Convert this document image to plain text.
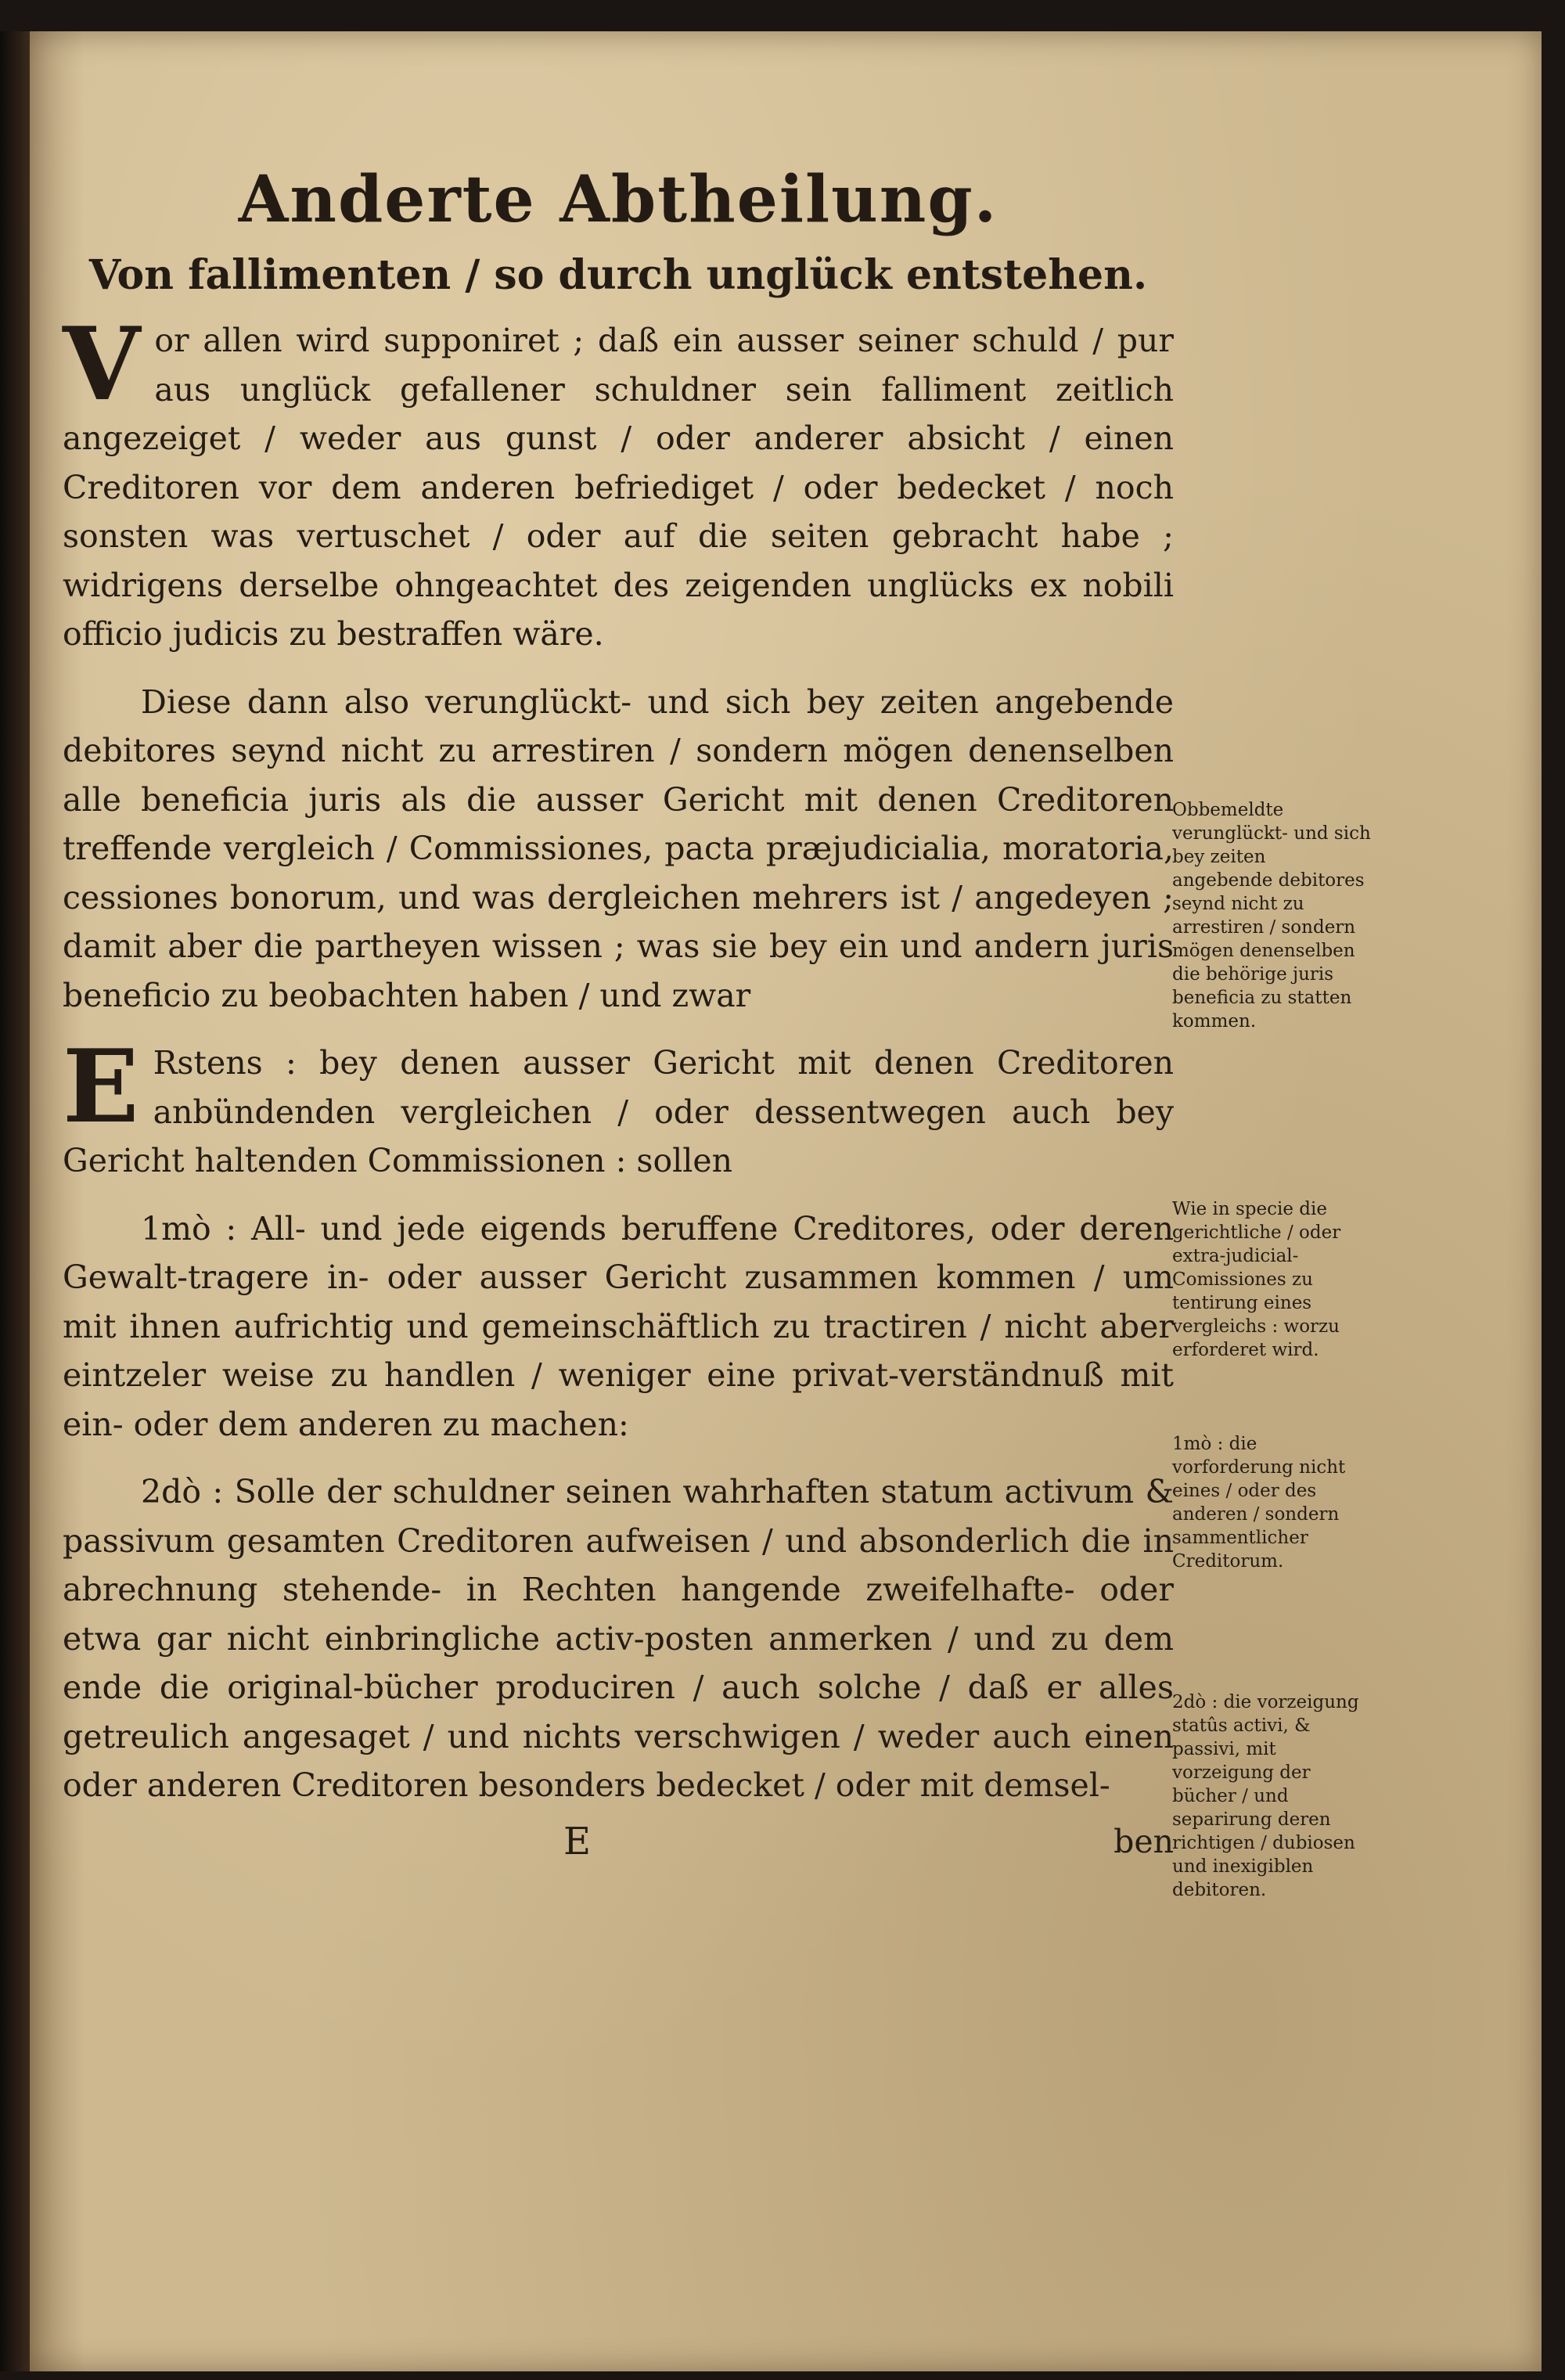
Anderte Abtheilung.
Von fallimenten / so durch unglück entstehen.

V or allen wird supponiret ; daß ein ausser seiner schuld / pur aus unglück gefallener schuldner sein falliment zeitlich angezeiget / weder aus gunst / oder anderer absicht / einen Creditoren vor dem anderen befriediget / oder bedecket / noch sonsten was vertuschet / oder auf die seiten gebracht habe ; widrigens derselbe ohngeachtet des zeigenden unglücks ex nobili officio judicis zu bestraffen wäre.

Diese dann also verunglückt- und sich bey zeiten angebende debitores seynd nicht zu arrestiren / sondern mögen denenselben alle beneficia juris als die ausser Gericht mit denen Creditoren treffende vergleich / Commissiones, pacta præjudicialia, moratoria, cessiones bonorum, und was dergleichen mehrers ist / angedeyen ; damit aber die partheyen wissen ; was sie bey ein und andern juris beneficio zu beobachten haben / und zwar

E Rstens : bey denen ausser Gericht mit denen Creditoren anbündenden vergleichen / oder dessentwegen auch bey Gericht haltenden Commissionen : sollen

1mò : All- und jede eigends beruffene Creditores, oder deren Gewalt-tragere in- oder ausser Gericht zusammen kommen / um mit ihnen aufrichtig und gemeinschäftlich zu tractiren / nicht aber eintzeler weise zu handlen / weniger eine privat-verständnuß mit ein- oder dem anderen zu machen:

2dò : Solle der schuldner seinen wahrhaften statum activum & passivum gesamten Creditoren aufweisen / und absonderlich die in abrechnung stehende- in Rechten hangende zweifelhafte- oder etwa gar nicht einbringliche activ-posten anmerken / und zu dem ende die original-bücher produciren / auch solche / daß er alles getreulich angesaget / und nichts verschwigen / weder auch einen oder anderen Creditoren besonders bedecket / oder mit demsel-

E	ben

Obbemeldte verunglückt- und sich bey zeiten angebende debitores seynd nicht zu arrestiren / sondern mögen denenselben die behörige juris beneficia zu statten kommen.

Wie in specie die gerichtliche / oder extra-judicial-Comissiones zu tentirung eines vergleichs : worzu erforderet wird.

1mò : die vorforderung nicht eines / oder des anderen / sondern sammentlicher Creditorum.

2dò : die vorzeigung statûs activi, & passivi, mit vorzeigung der bücher / und separirung deren richtigen / dubiosen und inexigiblen debitoren.
